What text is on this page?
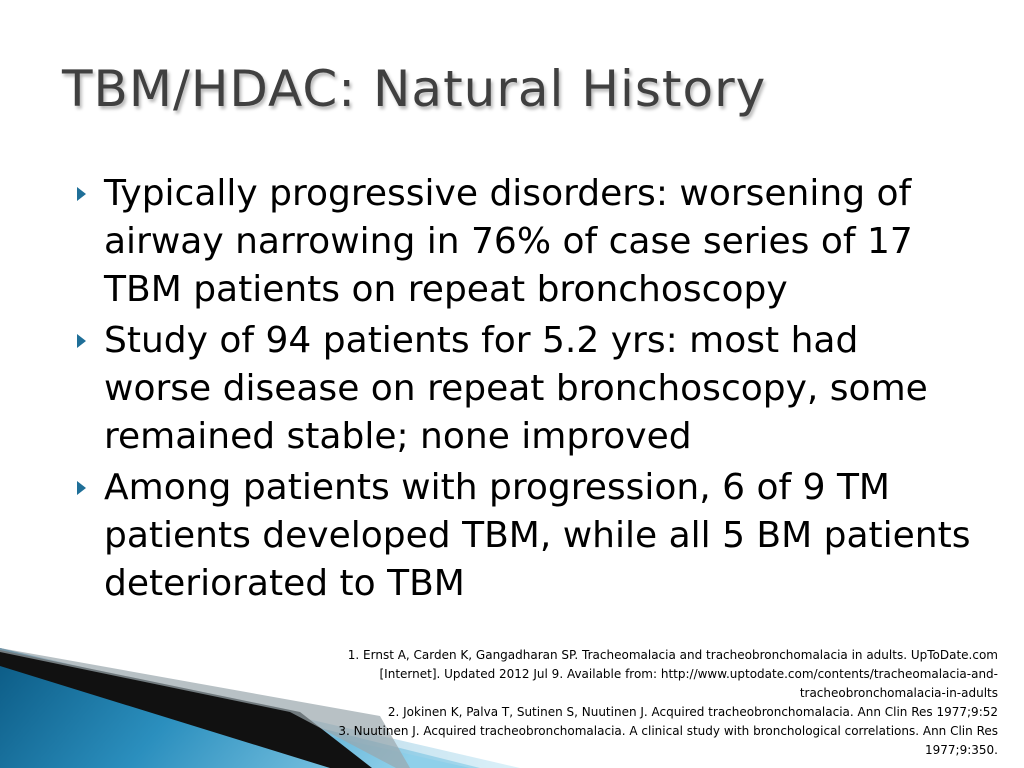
TBM/HDAC: Natural History
Typically progressive disorders: worsening of airway narrowing in 76% of case series of 17 TBM patients on repeat bronchoscopy
Study of 94 patients for 5.2 yrs: most had worse disease on repeat bronchoscopy, some remained stable; none improved
Among patients with progression, 6 of 9 TM patients developed TBM, while all 5 BM patients deteriorated to TBM
1. Ernst A, Carden K, Gangadharan SP. Tracheomalacia and tracheobronchomalacia in adults. UpToDate.com [Internet]. Updated 2012 Jul 9. Available from: http://www.uptodate.com/contents/tracheomalacia-and-tracheobronchomalacia-in-adults
2. Jokinen K, Palva T, Sutinen S, Nuutinen J. Acquired tracheobronchomalacia. Ann Clin Res 1977;9:52
3. Nuutinen J. Acquired tracheobronchomalacia. A clinical study with bronchological correlations. Ann Clin Res 1977;9:350.
